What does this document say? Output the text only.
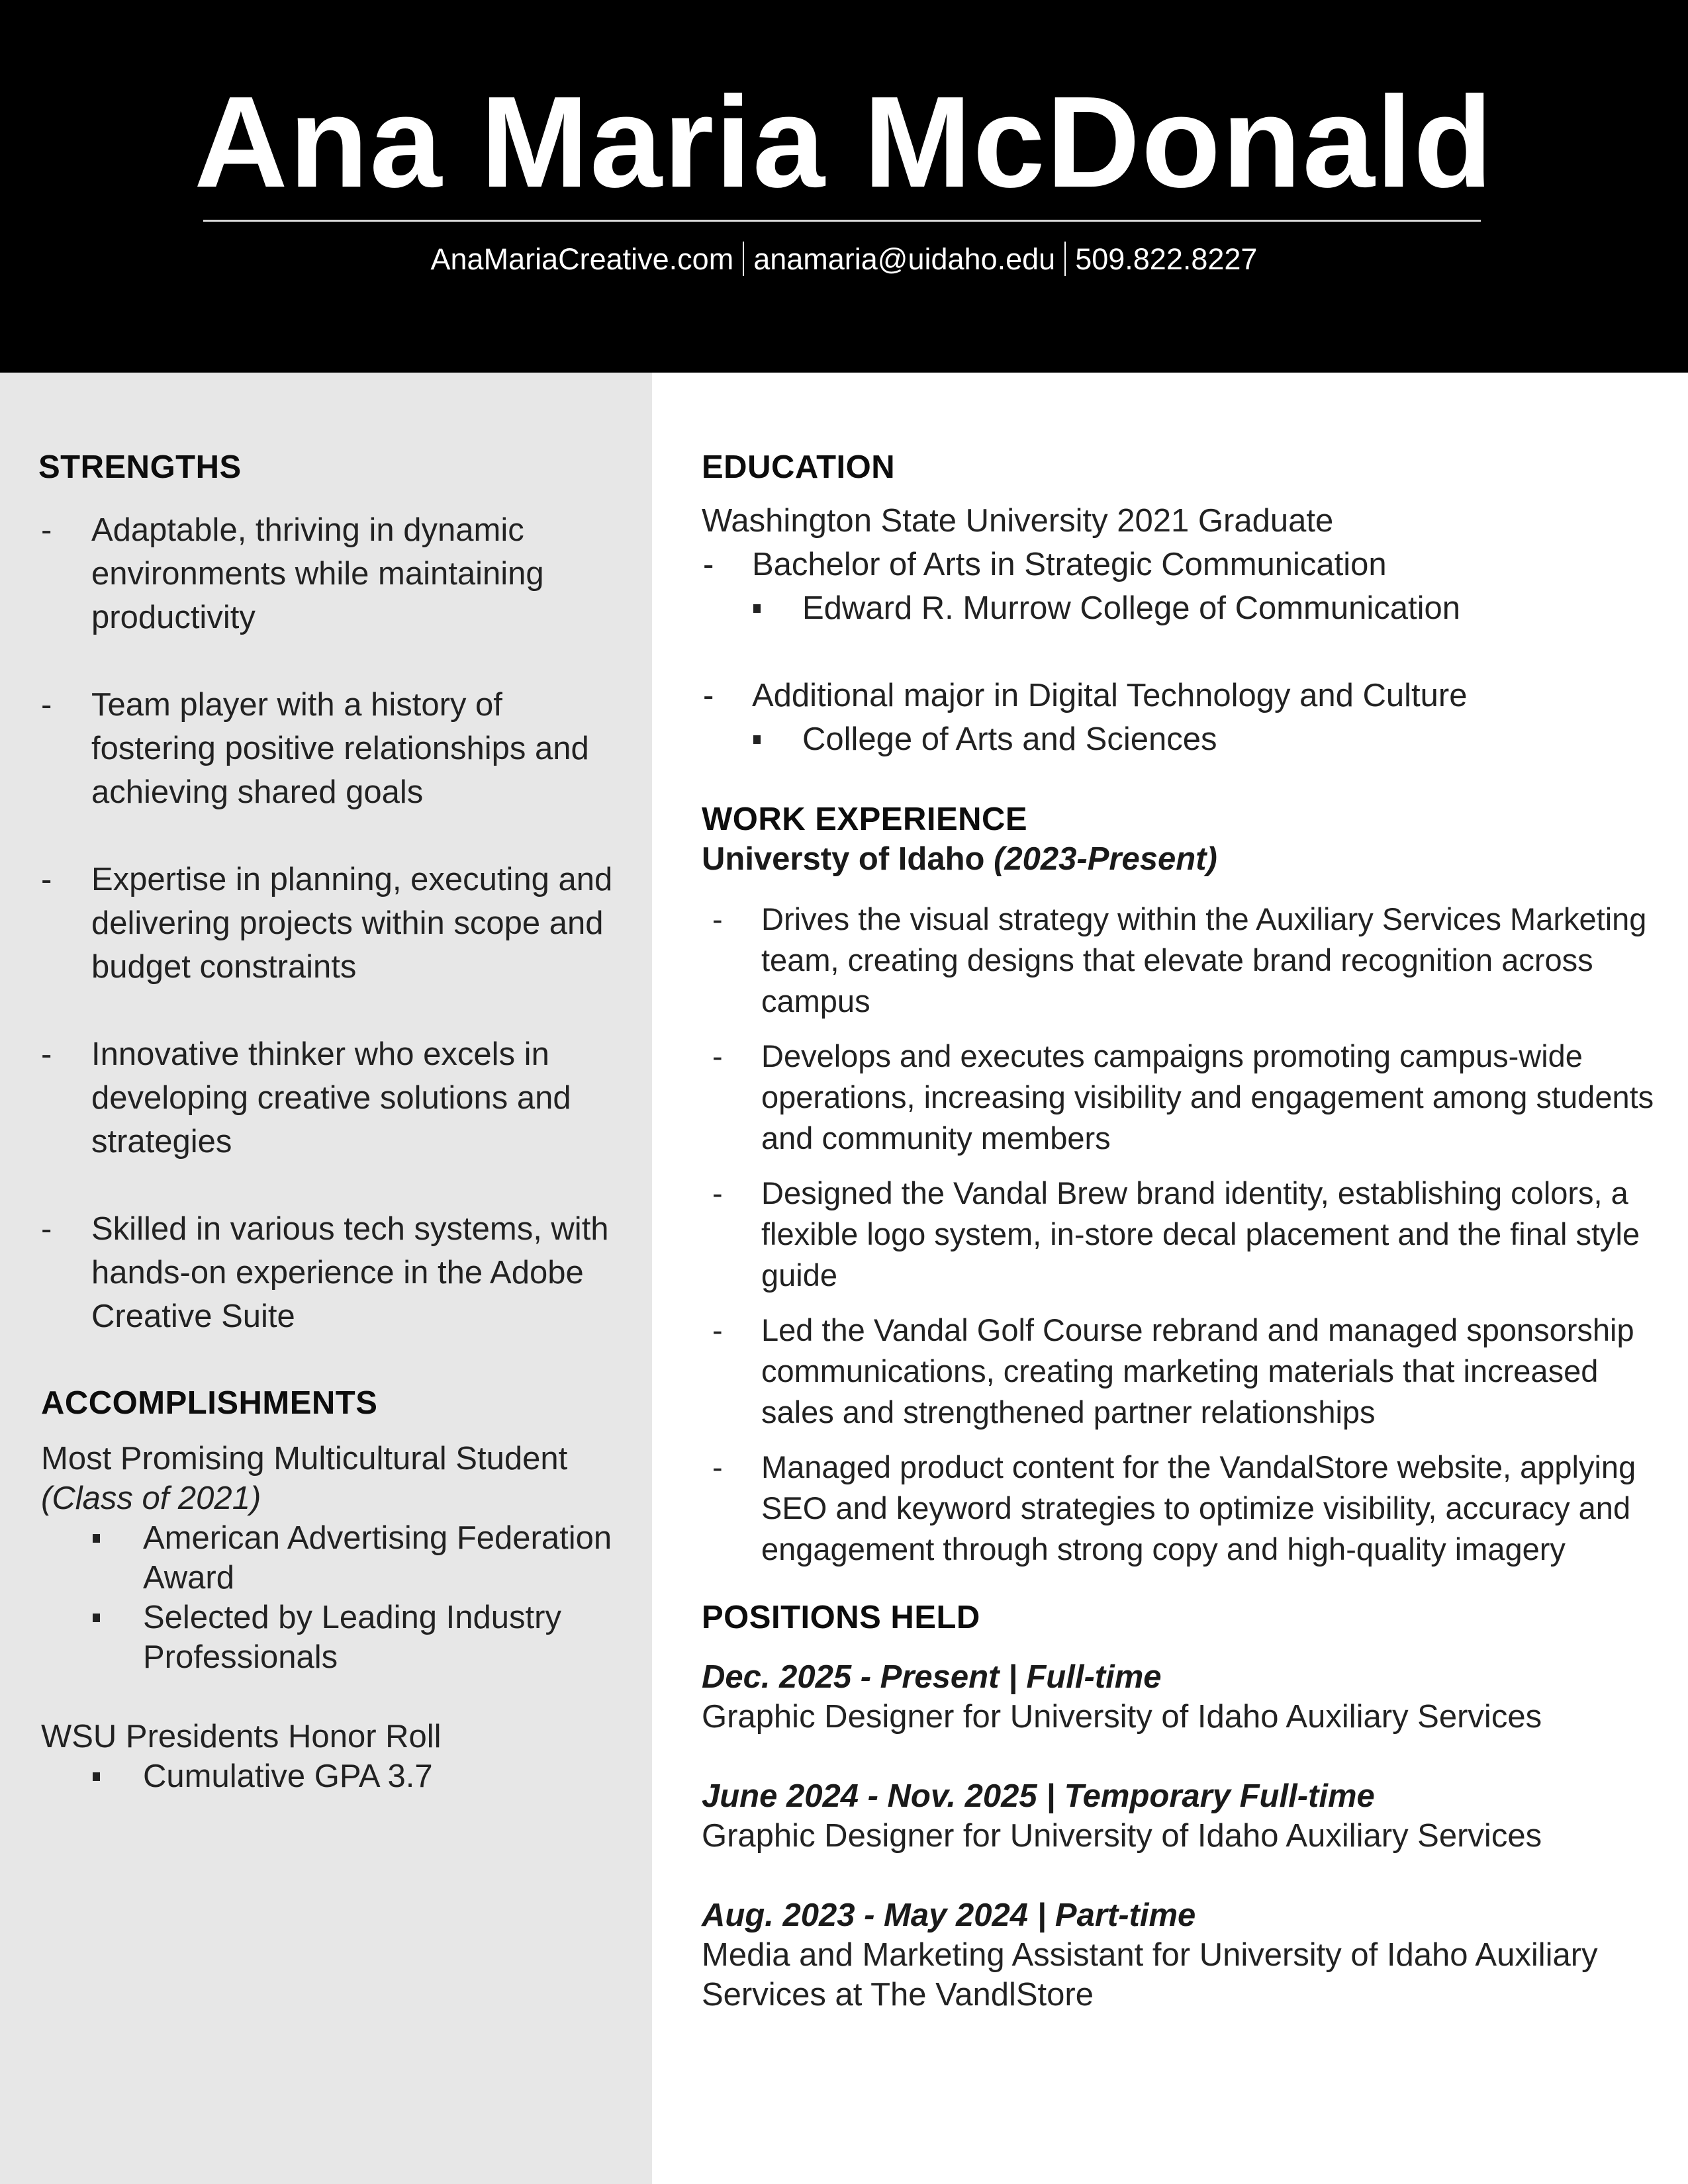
Ana Maria McDonald
AnaMariaCreative.com anamaria@uidaho.edu 509.822.8227
STRENGTHS
- Adaptable, thriving in dynamic environments while maintaining productivity
- Team player with a history of fostering positive relationships and achieving shared goals
- Expertise in planning, executing and delivering projects within scope and budget constraints
- Innovative thinker who excels in developing creative solutions and strategies
- Skilled in various tech systems, with hands-on experience in the Adobe Creative Suite
ACCOMPLISHMENTS
Most Promising Multicultural Student
(Class of 2021)
American Advertising Federation Award
Selected by Leading Industry Professionals
WSU Presidents Honor Roll
Cumulative GPA 3.7
EDUCATION
Washington State University 2021 Graduate
- Bachelor of Arts in Strategic Communication
Edward R. Murrow College of Communication
- Additional major in Digital Technology and Culture
College of Arts and Sciences
WORK EXPERIENCE
Universty of Idaho (2023-Present)
- Drives the visual strategy within the Auxiliary Services Marketing team, creating designs that elevate brand recognition across campus
- Develops and executes campaigns promoting campus-wide operations, increasing visibility and engagement among students and community members
- Designed the Vandal Brew brand identity, establishing colors, a flexible logo system, in-store decal placement and the final style guide
- Led the Vandal Golf Course rebrand and managed sponsorship communications, creating marketing materials that increased sales and strengthened partner relationships
- Managed product content for the VandalStore website, applying SEO and keyword strategies to optimize visibility, accuracy and engagement through strong copy and high-quality imagery
POSITIONS HELD
Dec. 2025 - Present | Full-time
Graphic Designer for University of Idaho Auxiliary Services
June 2024 - Nov. 2025 | Temporary Full-time
Graphic Designer for University of Idaho Auxiliary Services
Aug. 2023 - May 2024 | Part-time
Media and Marketing Assistant for University of Idaho Auxiliary Services at The VandlStore
